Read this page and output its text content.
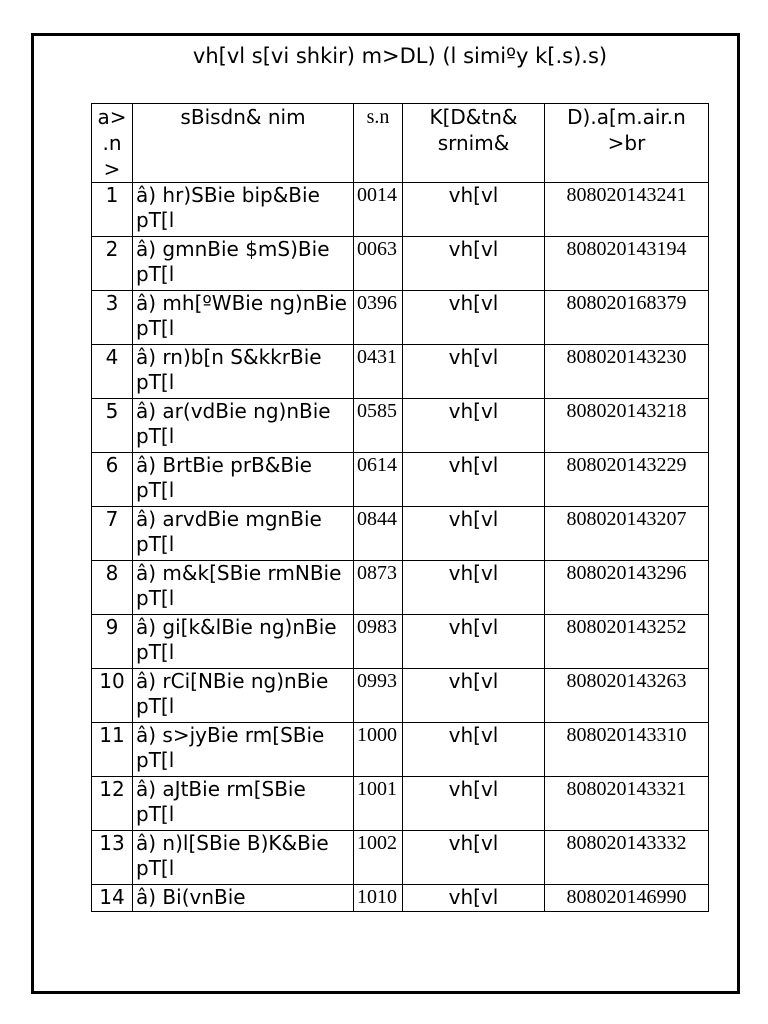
vh[vl s[vi shkir) m>DL) (l simiºy k[.s).s)
a> .n >	sBisdn& nim	s.n	K[D&tn& srnim&	D).a[m.air.n >br
1	â) hr)SBie bip&Bie pT[l	0014	vh[vl	808020143241
2	â) gmnBie $mS)Bie pT[l	0063	vh[vl	808020143194
3	â) mh[ºWBie ng)nBie pT[l	0396	vh[vl	808020168379
4	â) rn)b[n S&kkrBie pT[l	0431	vh[vl	808020143230
5	â) ar(vdBie ng)nBie pT[l	0585	vh[vl	808020143218
6	â) BrtBie prB&Bie pT[l	0614	vh[vl	808020143229
7	â) arvdBie mgnBie pT[l	0844	vh[vl	808020143207
8	â) m&k[SBie rmNBie pT[l	0873	vh[vl	808020143296
9	â) gi[k&lBie ng)nBie pT[l	0983	vh[vl	808020143252
10	â) rCi[NBie ng)nBie pT[l	0993	vh[vl	808020143263
11	â) s>jyBie rm[SBie pT[l	1000	vh[vl	808020143310
12	â) aJtBie rm[SBie pT[l	1001	vh[vl	808020143321
13	â) n)l[SBie B)K&Bie pT[l	1002	vh[vl	808020143332
14	â) Bi(vnBie	1010	vh[vl	808020146990
